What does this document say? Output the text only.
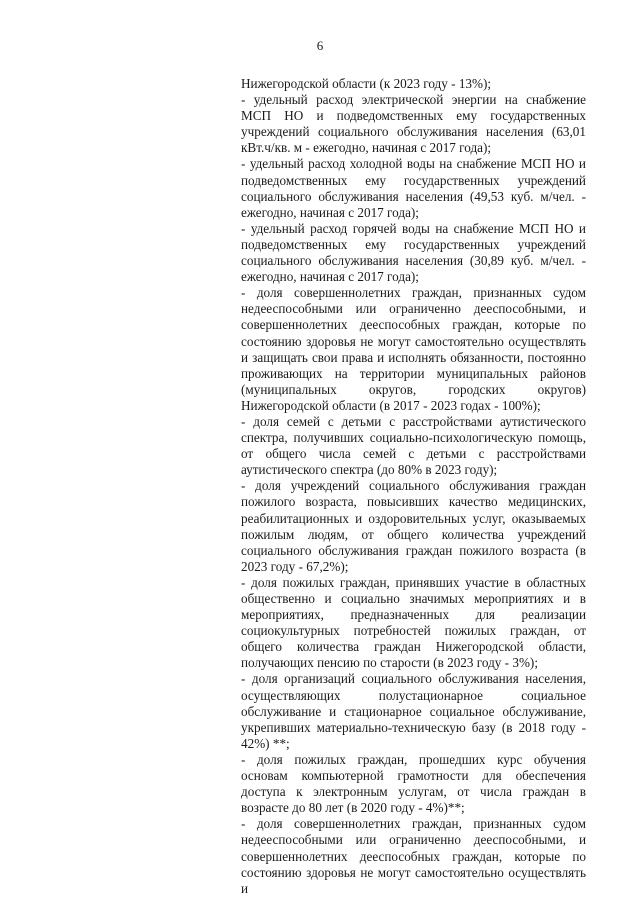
6

Нижегородской области (к 2023 году - 13%);

- удельный расход электрической энергии на снабжение МСП НО и подведомственных ему государственных учреждений социального обслуживания населения (63,01 кВт.ч/кв. м - ежегодно, начиная с 2017 года);

- удельный расход холодной воды на снабжение МСП НО и подведомственных ему государственных учреждений социального обслуживания населения (49,53 куб. м/чел. - ежегодно, начиная с 2017 года);

- удельный расход горячей воды на снабжение МСП НО и подведомственных ему государственных учреждений социального обслуживания населения (30,89 куб. м/чел. - ежегодно, начиная с 2017 года);

- доля совершеннолетних граждан, признанных судом недееспособными или ограниченно дееспособными, и совершеннолетних дееспособных граждан, которые по состоянию здоровья не могут самостоятельно осуществлять и защищать свои права и исполнять обязанности, постоянно проживающих на территории муниципальных районов (муниципальных округов, городских округов) Нижегородской области (в 2017 - 2023 годах - 100%);

- доля семей с детьми с расстройствами аутистического спектра, получивших социально-психологическую помощь, от общего числа семей с детьми с расстройствами аутистического спектра (до 80% в 2023 году);

- доля учреждений социального обслуживания граждан пожилого возраста, повысивших качество медицинских, реабилитационных и оздоровительных услуг, оказываемых пожилым людям, от общего количества учреждений социального обслуживания граждан пожилого возраста (в 2023 году - 67,2%);

- доля пожилых граждан, принявших участие в областных общественно и социально значимых мероприятиях и в мероприятиях, предназначенных для реализации социокультурных потребностей пожилых граждан, от общего количества граждан Нижегородской области, получающих пенсию по старости (в 2023 году - 3%);

- доля организаций социального обслуживания населения, осуществляющих полустационарное социальное обслуживание и стационарное социальное обслуживание, укрепивших материально-техническую базу (в 2018 году - 42%) **;

- доля пожилых граждан, прошедших курс обучения основам компьютерной грамотности для обеспечения доступа к электронным услугам, от числа граждан в возрасте до 80 лет (в 2020 году - 4%)**;

- доля совершеннолетних граждан, признанных судом недееспособными или ограниченно дееспособными, и совершеннолетних дееспособных граждан, которые по состоянию здоровья не могут самостоятельно осуществлять и
